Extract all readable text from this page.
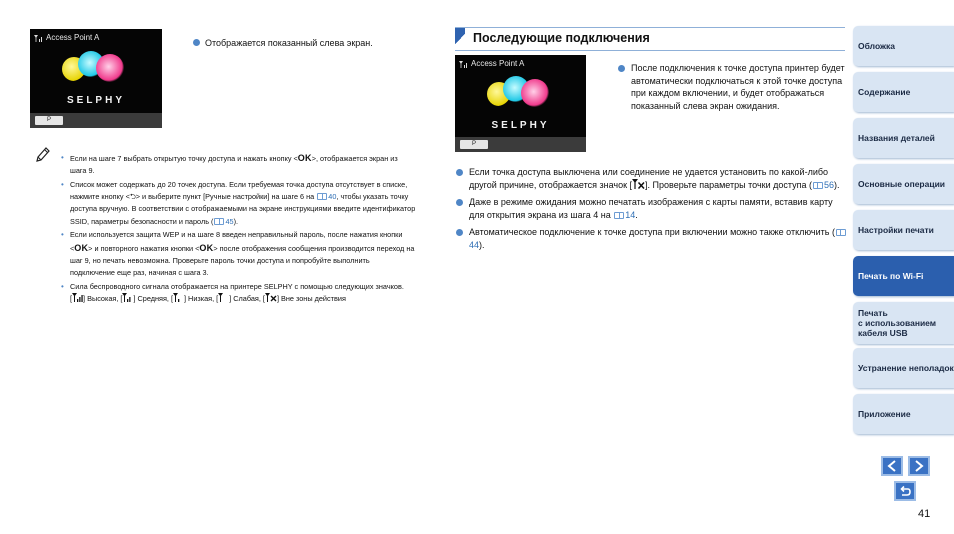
Access Point A
SELPHY
P
Отображается показанный слева экран.
• Если на шаге 7 выбрать открытую точку доступа и нажать кнопку <OK>, отображается экран из шага 9.
• Список может содержать до 20 точек доступа. Если требуемая точка доступа отсутствует в списке, нажмите кнопку <⮌> и выберите пункт [Ручные настройки] на шаге 6 на 40, чтобы указать точку доступа вручную. В соответствии с отображаемыми на экране инструкциями введите идентификатор SSID, параметры безопасности и пароль ( 45).
• Если используется защита WEP и на шаге 8 введен неправильный пароль, после нажатия кнопки <OK> и повторного нажатия кнопки <OK> после отображения сообщения производится переход на шаг 9, но печать невозможна. Проверьте пароль точки доступа и попробуйте выполнить подключение еще раз, начиная с шага 3.
• Сила беспроводного сигнала отображается на принтере SELPHY с помощью следующих значков.
[ ] Высокая, [ ] Средняя, [ ] Низкая, [ ] Слабая, [ ] Вне зоны действия
Последующие подключения
Access Point A
SELPHY
P
После подключения к точке доступа принтер будет автоматически подключаться к этой точке доступа при каждом включении, и будет отображаться показанный слева экран ожидания.
Если точка доступа выключена или соединение не удается установить по какой-либо другой причине, отображается значок [ ]. Проверьте параметры точки доступа ( 56).
Даже в режиме ожидания можно печатать изображения с карты памяти, вставив карту для открытия экрана из шага 4 на 14.
Автоматическое подключение к точке доступа при включении можно также отключить (44).
Обложка
Содержание
Названия деталей
Основные операции
Настройки печати
Печать по Wi-Fi
Печать
с использованием
кабеля USB
Устранение неполадок
Приложение
41
